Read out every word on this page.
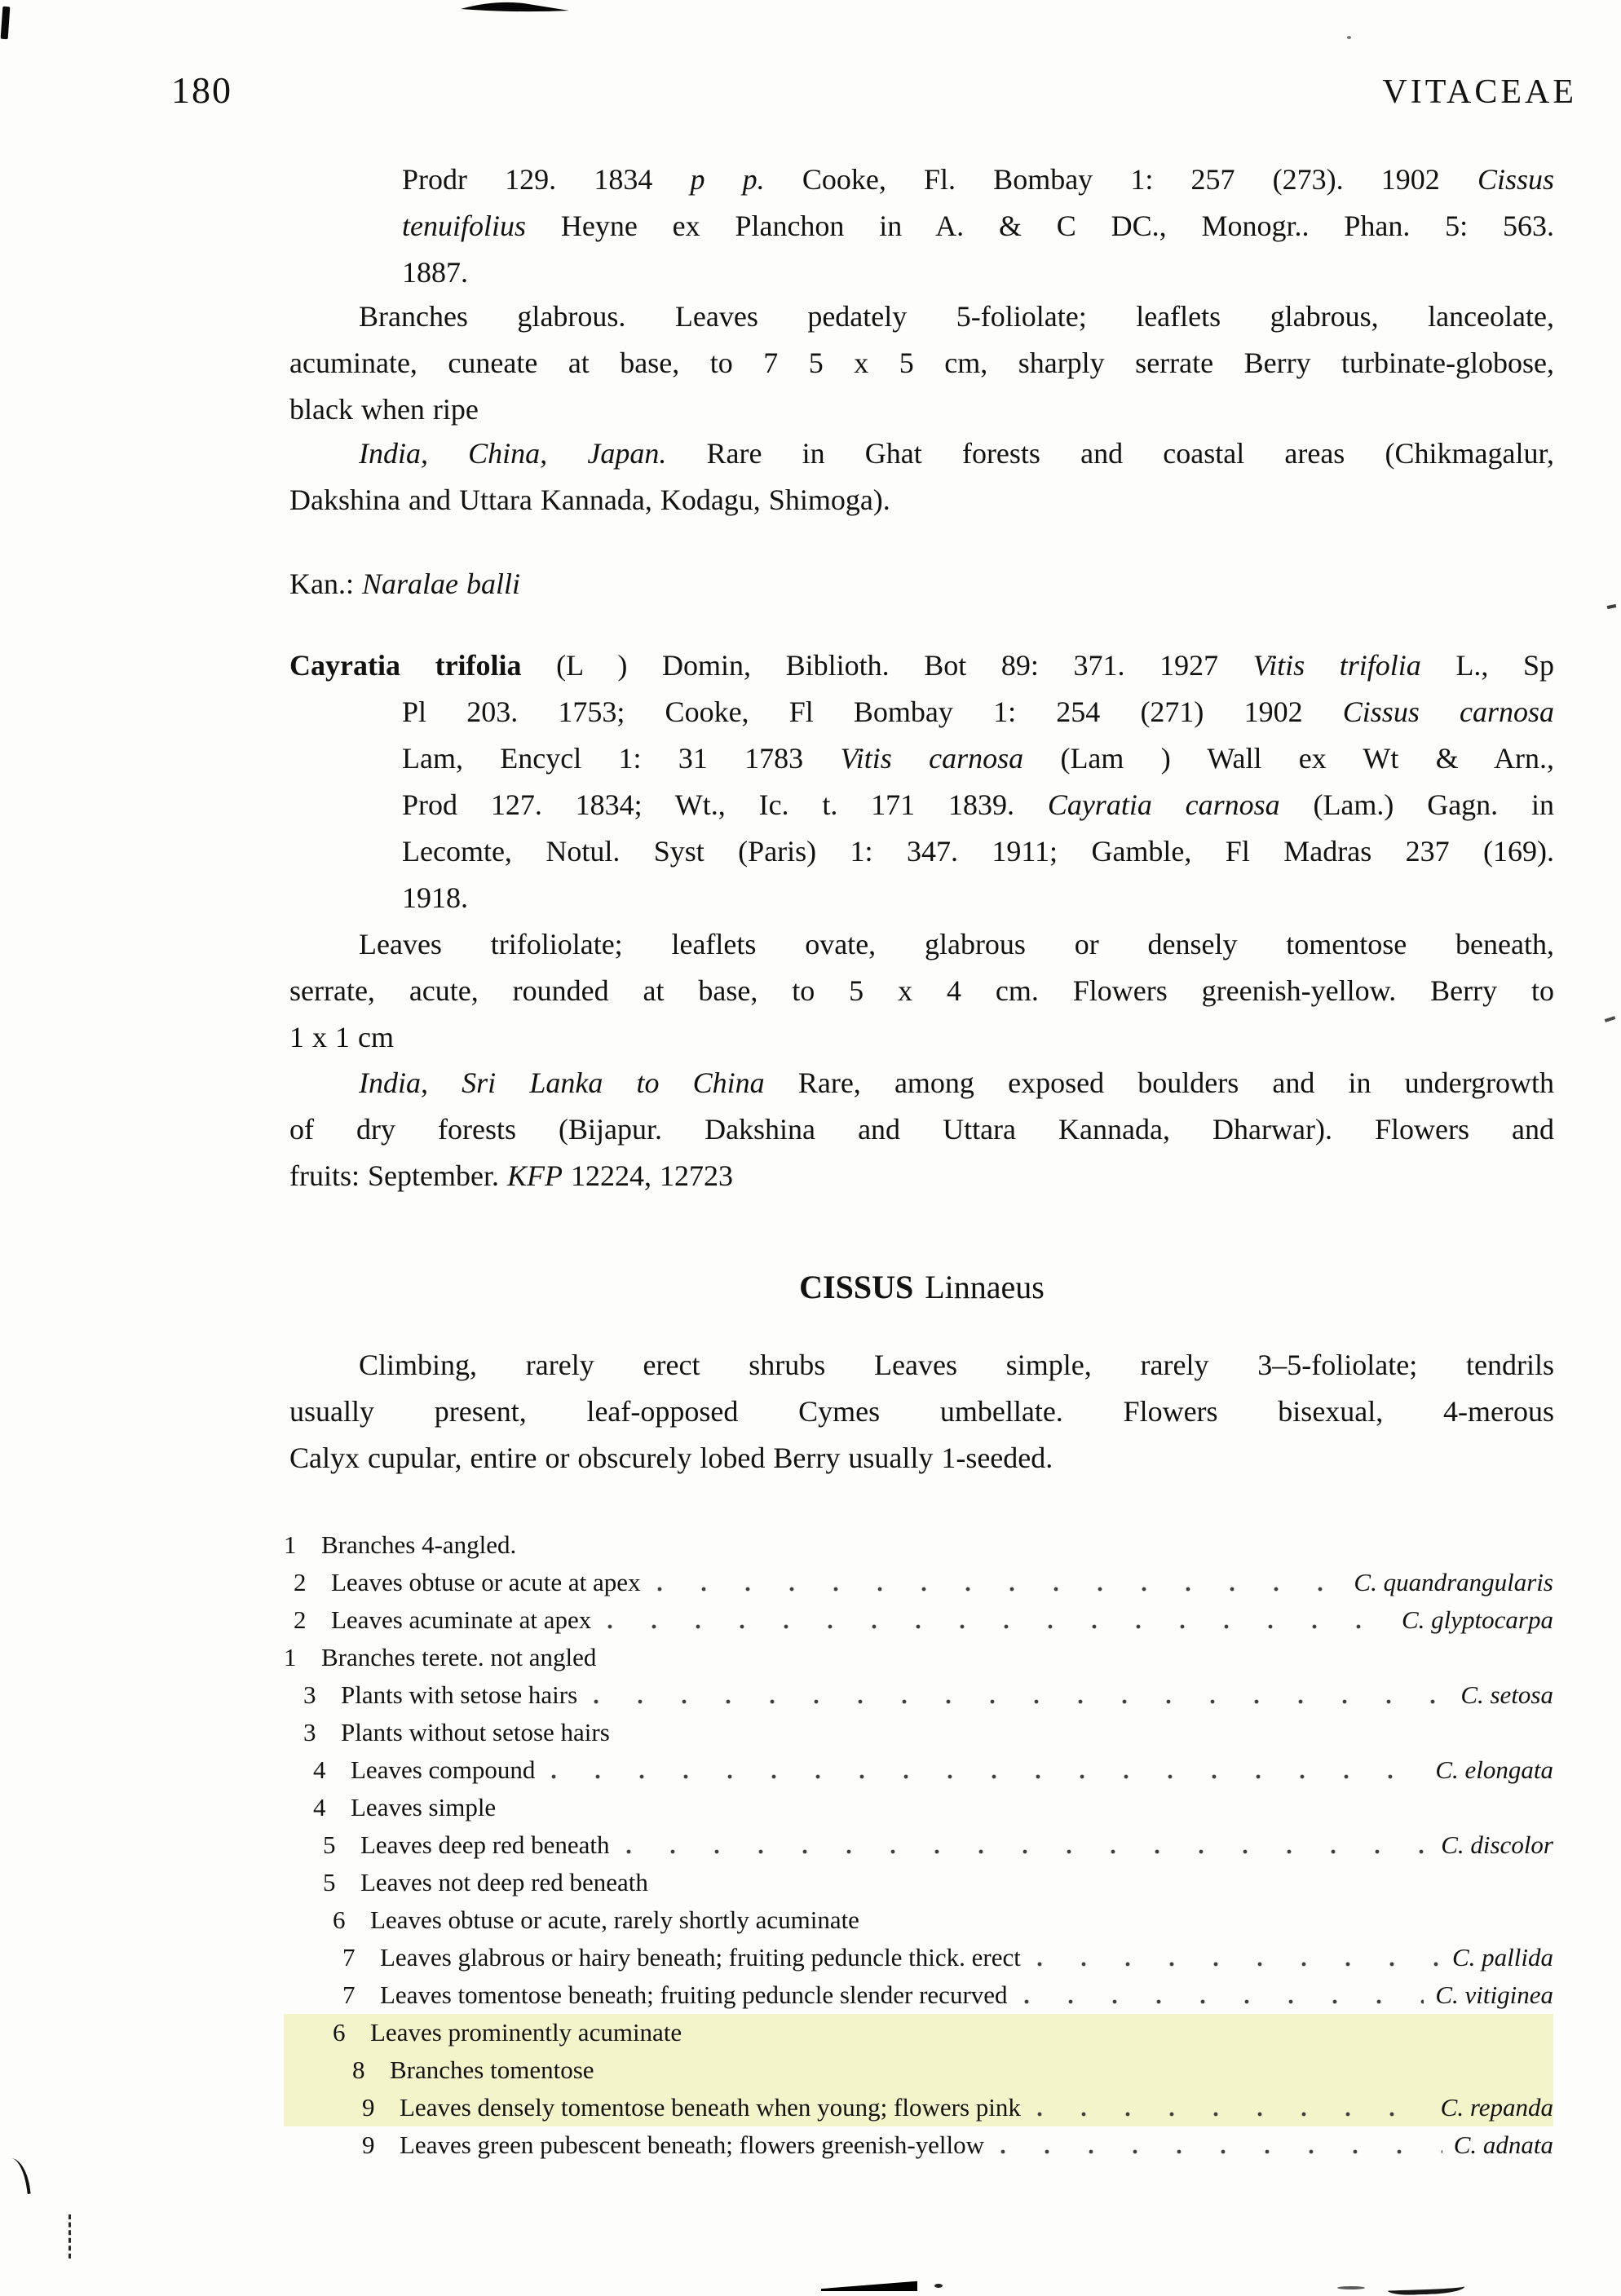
180	VITACEAE
Prodr 129. 1834 p p. Cooke, Fl. Bombay 1: 257 (273). 1902 Cissus
tenuifolius Heyne ex Planchon in A. & C DC., Monogr.. Phan. 5: 563.
1887.
Branches glabrous. Leaves pedately 5-foliolate; leaflets glabrous, lanceolate,
acuminate, cuneate at base, to 7 5 x 5 cm, sharply serrate Berry turbinate-globose,
black when ripe
India, China, Japan. Rare in Ghat forests and coastal areas (Chikmagalur,
Dakshina and Uttara Kannada, Kodagu, Shimoga).
Kan.: Naralae balli
Cayratia trifolia (L ) Domin, Biblioth. Bot 89: 371. 1927 Vitis trifolia L., Sp
Pl 203. 1753; Cooke, Fl Bombay 1: 254 (271) 1902 Cissus carnosa
Lam, Encycl 1: 31 1783 Vitis carnosa (Lam ) Wall ex Wt & Arn.,
Prod 127. 1834; Wt., Ic. t. 171 1839. Cayratia carnosa (Lam.) Gagn. in
Lecomte, Notul. Syst (Paris) 1: 347. 1911; Gamble, Fl Madras 237 (169).
1918.
Leaves trifoliolate; leaflets ovate, glabrous or densely tomentose beneath,
serrate, acute, rounded at base, to 5 x 4 cm. Flowers greenish-yellow. Berry to
1 x 1 cm
India, Sri Lanka to China Rare, among exposed boulders and in undergrowth
of dry forests (Bijapur. Dakshina and Uttara Kannada, Dharwar). Flowers and
fruits: September. KFP 12224, 12723
CISSUS Linnaeus
Climbing, rarely erect shrubs Leaves simple, rarely 3–5-foliolate; tendrils
usually present, leaf-opposed Cymes umbellate. Flowers bisexual, 4-merous
Calyx cupular, entire or obscurely lobed Berry usually 1-seeded.
1 Branches 4-angled.
2 Leaves obtuse or acute at apex	C. quandrangularis
2 Leaves acuminate at apex	C. glyptocarpa
1 Branches terete. not angled
3 Plants with setose hairs	C. setosa
3 Plants without setose hairs
4 Leaves compound	C. elongata
4 Leaves simple
5 Leaves deep red beneath	C. discolor
5 Leaves not deep red beneath
6 Leaves obtuse or acute, rarely shortly acuminate
7 Leaves glabrous or hairy beneath; fruiting peduncle thick. erect	C. pallida
7 Leaves tomentose beneath; fruiting peduncle slender recurved	C. vitiginea
6 Leaves prominently acuminate
8 Branches tomentose
9 Leaves densely tomentose beneath when young; flowers pink	C. repanda
9 Leaves green pubescent beneath; flowers greenish-yellow	C. adnata
